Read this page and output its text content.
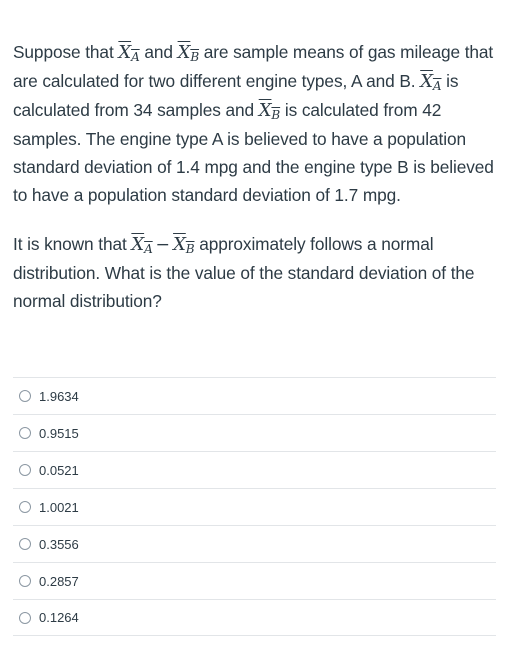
Suppose that $X_A$ and $X_B$ are sample means of gas mileage that are calculated for two different engine types, A and B. $X_A$ is calculated from 34 samples and $X_B$ is calculated from 42 samples. The engine type A is believed to have a population standard deviation of 1.4 mpg and the engine type B is believed to have a population standard deviation of 1.7 mpg.

It is known that $X_A - X_B$ approximately follows a normal distribution. What is the value of the standard deviation of the normal distribution?

1.9634
0.9515
0.0521
1.0021
0.3556
0.2857
0.1264
